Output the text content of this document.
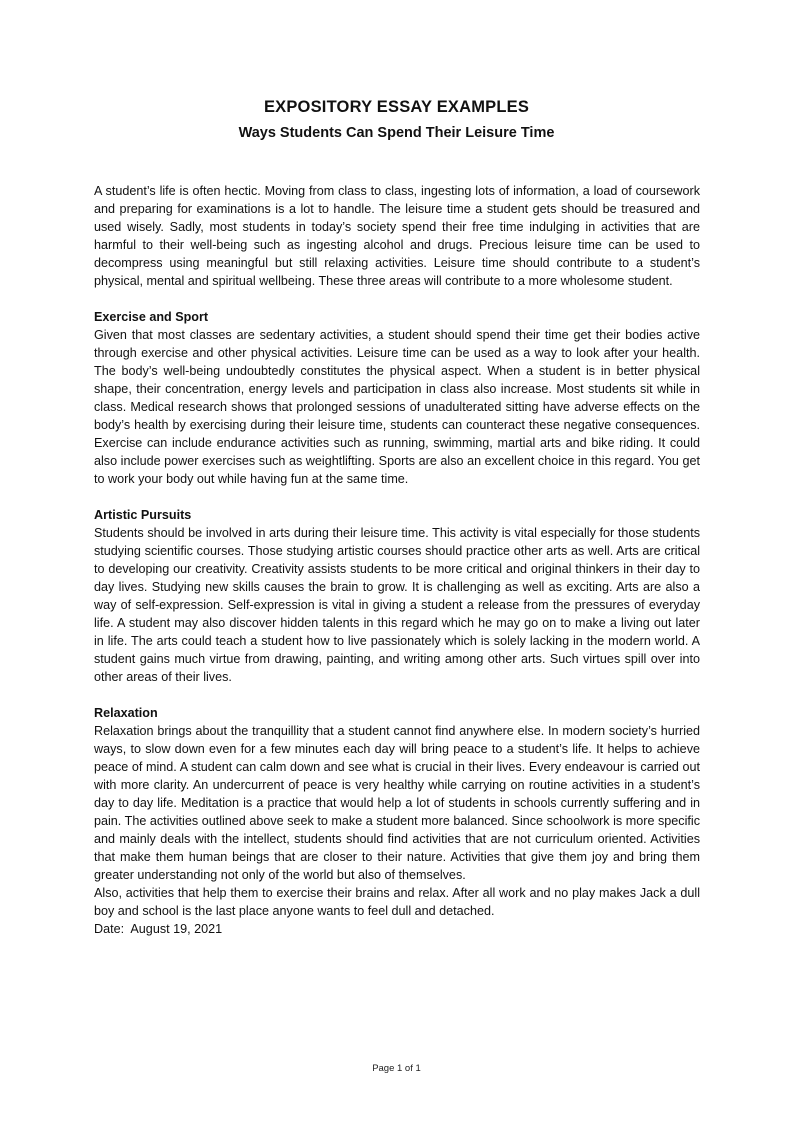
EXPOSITORY ESSAY EXAMPLES
Ways Students Can Spend Their Leisure Time

A student’s life is often hectic. Moving from class to class, ingesting lots of information, a load of coursework and preparing for examinations is a lot to handle. The leisure time a student gets should be treasured and used wisely. Sadly, most students in today’s society spend their free time indulging in activities that are harmful to their well-being such as ingesting alcohol and drugs. Precious leisure time can be used to decompress using meaningful but still relaxing activities. Leisure time should contribute to a student’s physical, mental and spiritual wellbeing. These three areas will contribute to a more wholesome student.

Exercise and Sport

Given that most classes are sedentary activities, a student should spend their time get their bodies active through exercise and other physical activities. Leisure time can be used as a way to look after your health. The body’s well-being undoubtedly constitutes the physical aspect. When a student is in better physical shape, their concentration, energy levels and participation in class also increase. Most students sit while in class. Medical research shows that prolonged sessions of unadulterated sitting have adverse effects on the body’s health by exercising during their leisure time, students can counteract these negative consequences. Exercise can include endurance activities such as running, swimming, martial arts and bike riding. It could also include power exercises such as weightlifting. Sports are also an excellent choice in this regard. You get to work your body out while having fun at the same time.

Artistic Pursuits

Students should be involved in arts during their leisure time. This activity is vital especially for those students studying scientific courses. Those studying artistic courses should practice other arts as well. Arts are critical to developing our creativity. Creativity assists students to be more critical and original thinkers in their day to day lives. Studying new skills causes the brain to grow. It is challenging as well as exciting. Arts are also a way of self-expression. Self-expression is vital in giving a student a release from the pressures of everyday life. A student may also discover hidden talents in this regard which he may go on to make a living out later in life. The arts could teach a student how to live passionately which is solely lacking in the modern world. A student gains much virtue from drawing, painting, and writing among other arts. Such virtues spill over into other areas of their lives.

Relaxation

Relaxation brings about the tranquillity that a student cannot find anywhere else. In modern society’s hurried ways, to slow down even for a few minutes each day will bring peace to a student’s life. It helps to achieve peace of mind. A student can calm down and see what is crucial in their lives. Every endeavour is carried out with more clarity. An undercurrent of peace is very healthy while carrying on routine activities in a student’s day to day life. Meditation is a practice that would help a lot of students in schools currently suffering and in pain. The activities outlined above seek to make a student more balanced. Since schoolwork is more specific and mainly deals with the intellect, students should find activities that are not curriculum oriented. Activities that make them human beings that are closer to their nature. Activities that give them joy and bring them greater understanding not only of the world but also of themselves.

Also, activities that help them to exercise their brains and relax. After all work and no play makes Jack a dull boy and school is the last place anyone wants to feel dull and detached.

Date:  August 19, 2021

Page 1 of 1
